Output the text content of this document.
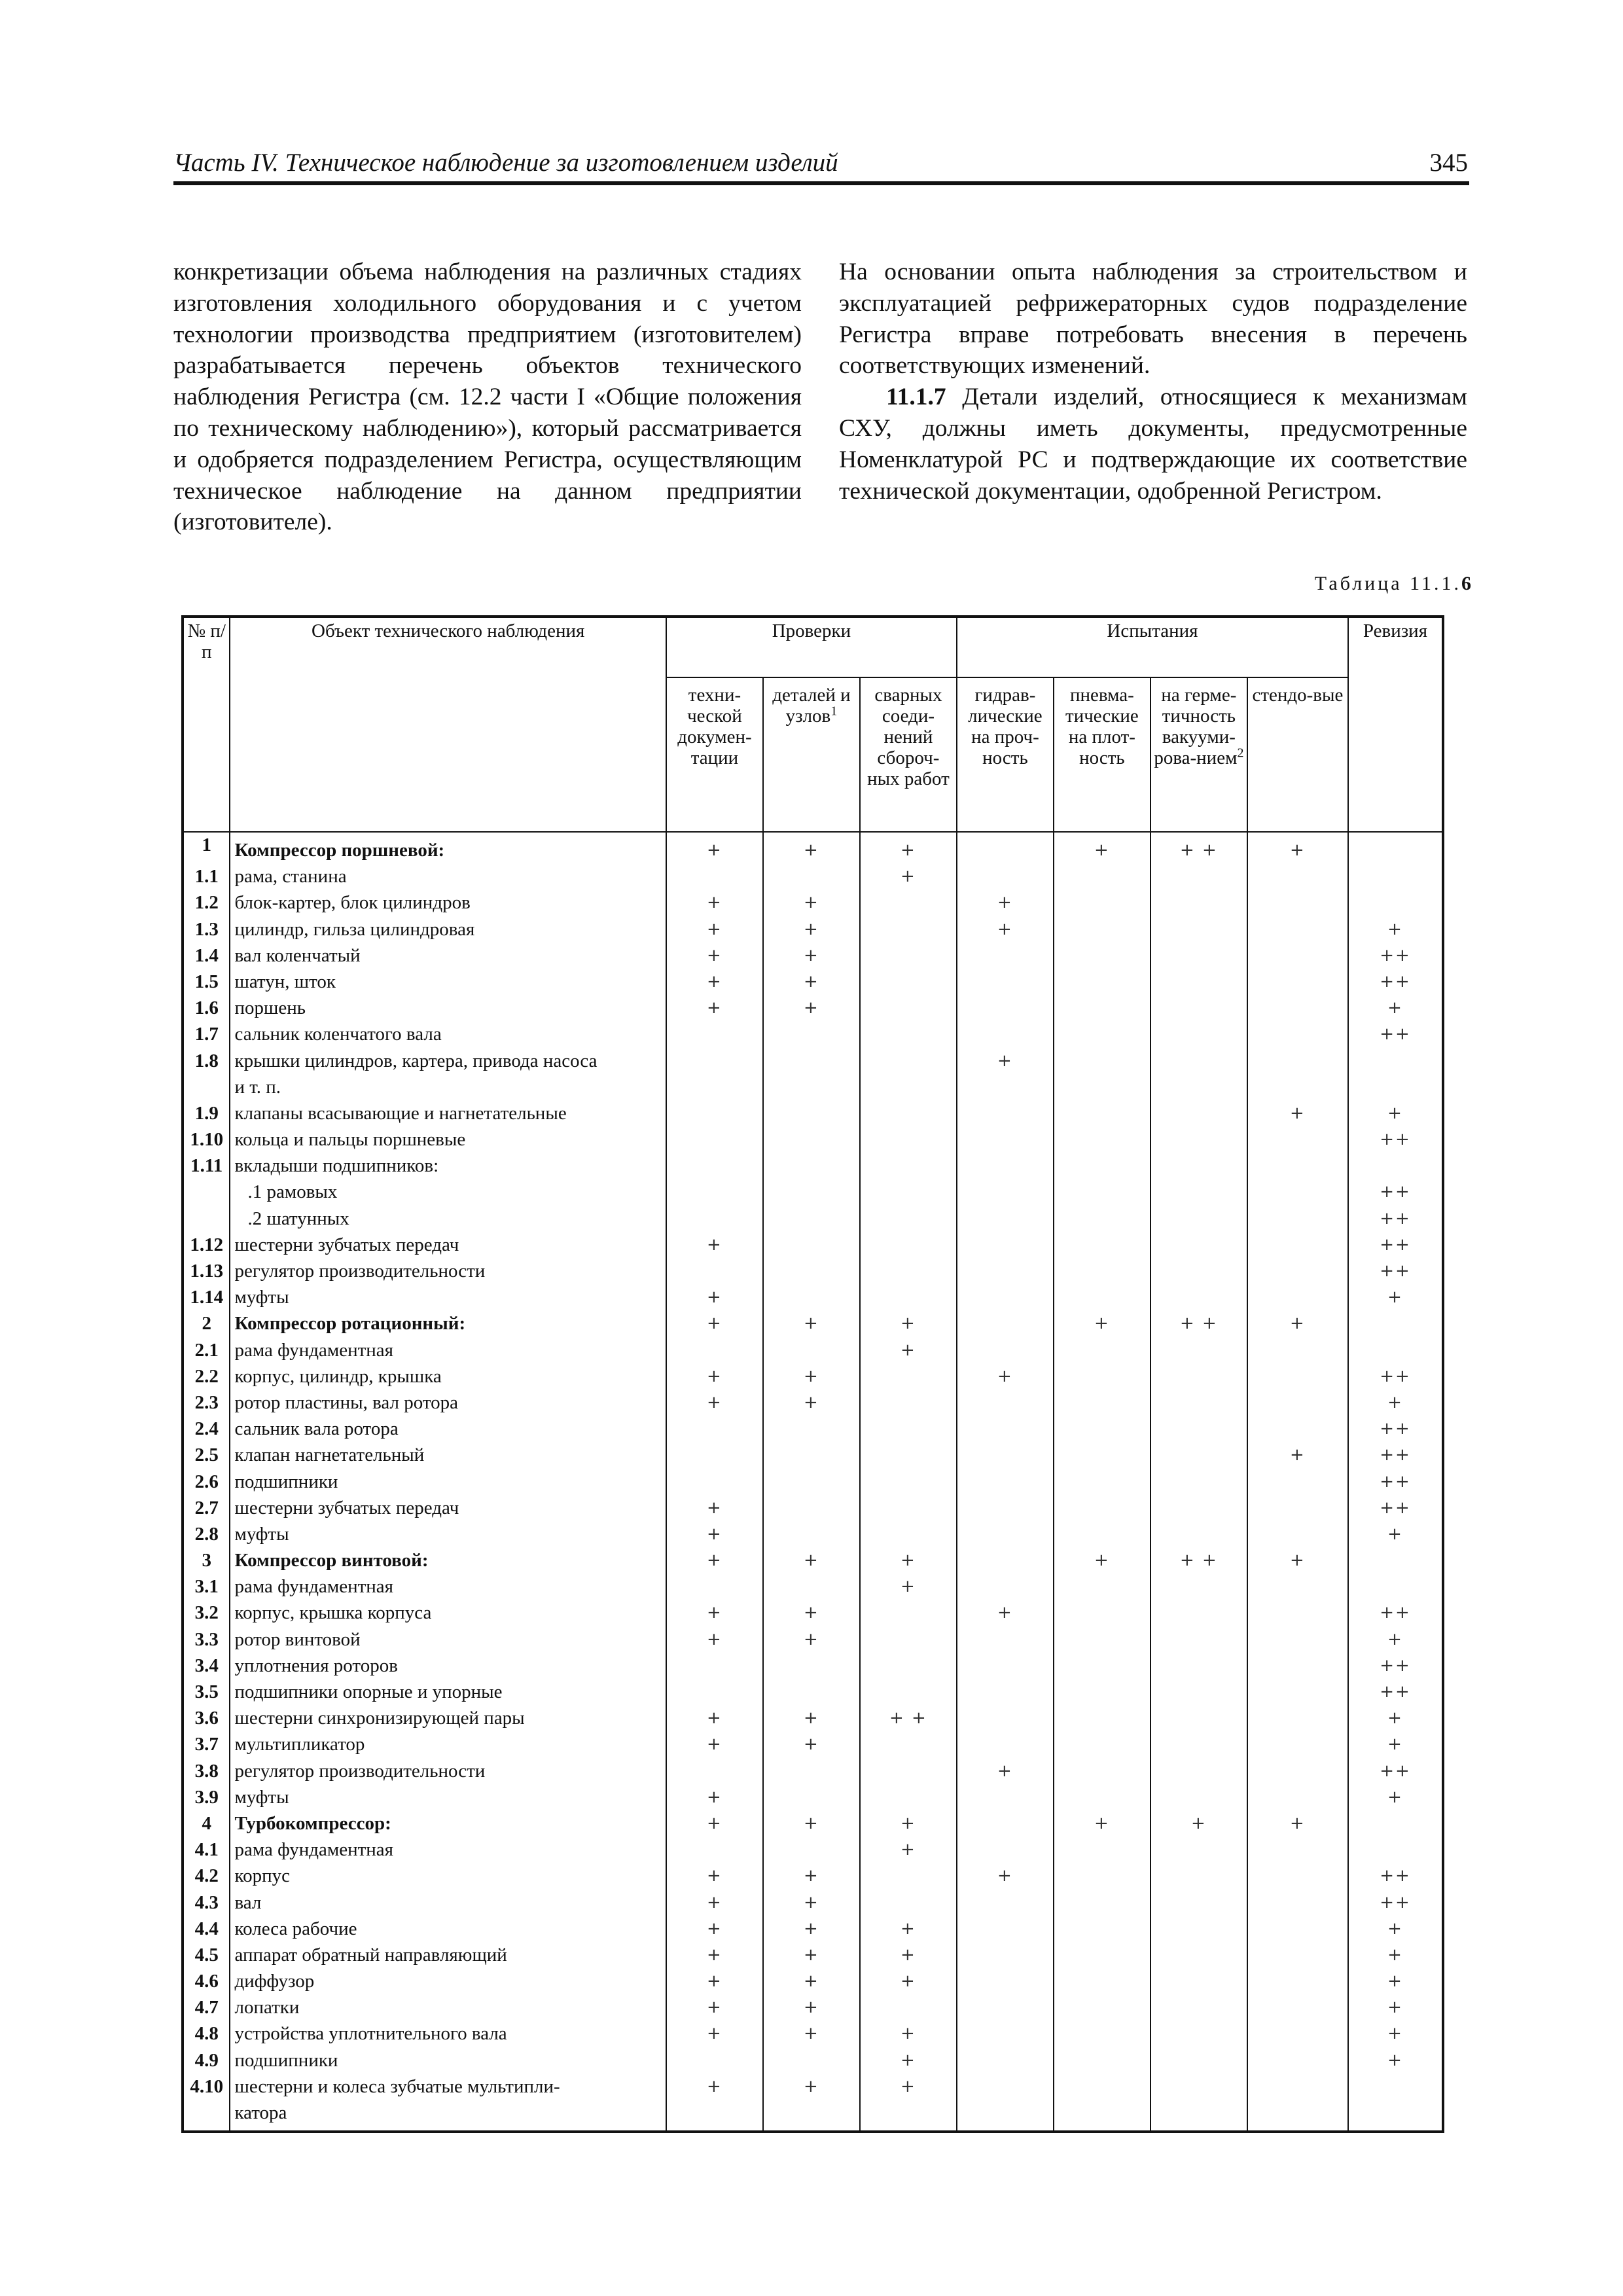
Часть IV. Техническое наблюдение за изготовлением изделий	345

конкретизации объема наблюдения на различных стадиях изготовления холодильного оборудования и с учетом технологии производства предприятием (изготовителем) разрабатывается перечень объектов технического наблюдения Регистра (см. 12.2 части I «Общие положения по техническому наблюдению»), который рассматривается и одобряется подразделением Регистра, осуществляющим техническое наблюдение на данном предприятии (изготовителе).

На основании опыта наблюдения за строительством и эксплуатацией рефрижераторных судов подразделение Регистра вправе потребовать внесения в перечень соответствующих изменений.

11.1.7 Детали изделий, относящиеся к механизмам СХУ, должны иметь документы, предусмотренные Номенклатурой РС и подтверждающие их соответствие технической документации, одобренной Регистром.

Таблица 11.1.6
№ п/п	Объект технического наблюдения	Проверки			Испытания				Ревизия
		техни-ческой докумен-тации	деталей и узлов$^1$	сварных соеди-нений сбороч-ных работ	гидрав-лические на проч-ность	пневма-тические на плот-ность	на герме-тичность вакууми-рова-нием$^2$	стендо-вые	
1	Компрессор поршневой:	+	+	+		+	+ +	+	
1.1	рама, станина			+					
1.2	блок-картер, блок цилиндров	+	+		+				
1.3	цилиндр, гильза цилиндровая	+	+		+				+
1.4	вал коленчатый	+	+						++
1.5	шатун, шток	+	+						++
1.6	поршень	+	+						+
1.7	сальник коленчатого вала								++
1.8	крышки цилиндров, картера, привода насоса				+				
	и т. п.								
1.9	клапаны всасывающие и нагнетательные							+	+
1.10	кольца и пальцы поршневые								++
1.11	вкладыши подшипников:								
	.1 рамовых								++
	.2 шатунных								++
1.12	шестерни зубчатых передач	+							++
1.13	регулятор производительности								++
1.14	муфты	+							+
2	Компрессор ротационный:	+	+	+		+	+ +	+	
2.1	рама фундаментная			+					
2.2	корпус, цилиндр, крышка	+	+		+				++
2.3	ротор пластины, вал ротора	+	+						+
2.4	сальник вала ротора								++
2.5	клапан нагнетательный							+	++
2.6	подшипники								++
2.7	шестерни зубчатых передач	+							++
2.8	муфты	+							+
3	Компрессор винтовой:	+	+	+		+	+ +	+	
3.1	рама фундаментная			+					
3.2	корпус, крышка корпуса	+	+		+				++
3.3	ротор винтовой	+	+						+
3.4	уплотнения роторов								++
3.5	подшипники опорные и упорные								++
3.6	шестерни синхронизирующей пары	+	+	+ +					+
3.7	мультипликатор	+	+						+
3.8	регулятор производительности				+				++
3.9	муфты	+							+
4	Турбокомпрессор:	+	+	+		+	+	+	
4.1	рама фундаментная			+					
4.2	корпус	+	+		+				++
4.3	вал	+	+						++
4.4	колеса рабочие	+	+	+					+
4.5	аппарат обратный направляющий	+	+	+					+
4.6	диффузор	+	+	+					+
4.7	лопатки	+	+						+
4.8	устройства уплотнительного вала	+	+	+					+
4.9	подшипники			+					+
4.10	шестерни и колеса зубчатые мультипли-	+	+	+					
	катора								
